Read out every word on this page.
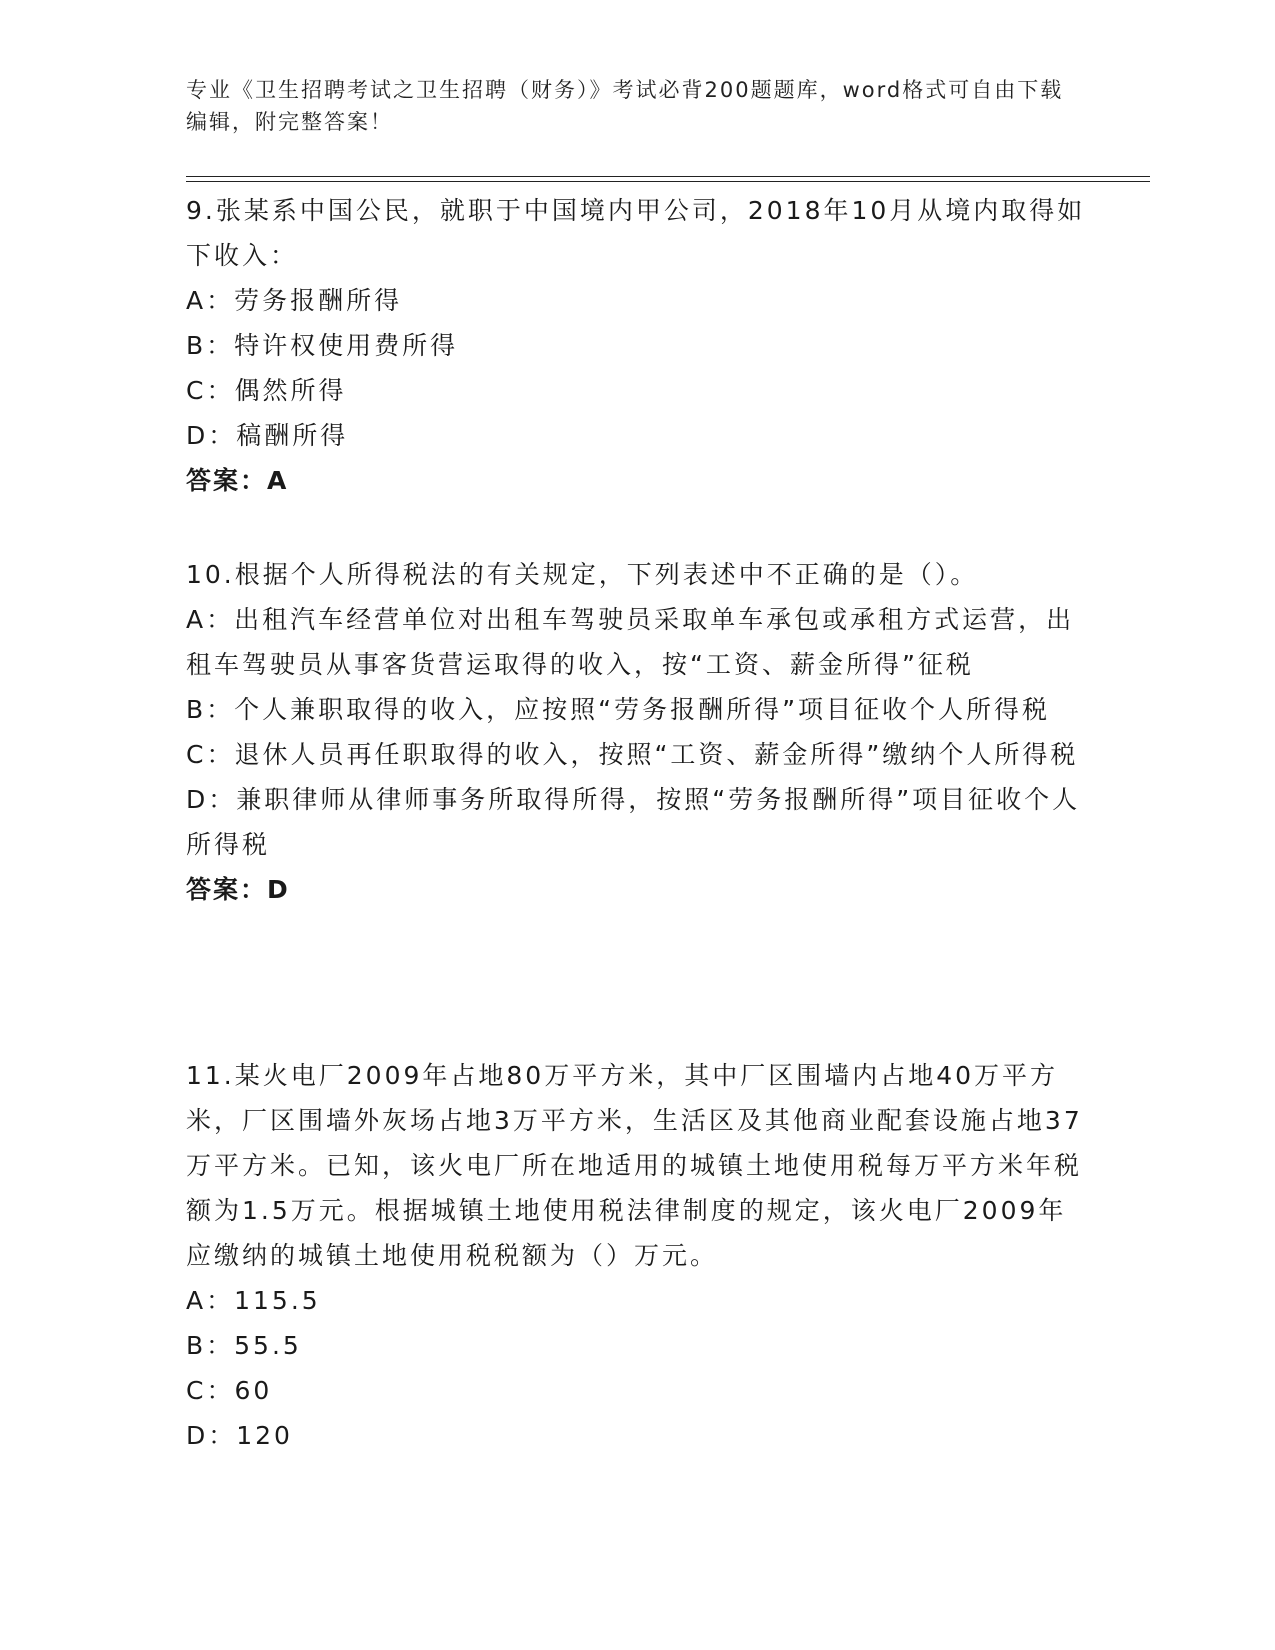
专业《卫生招聘考试之卫生招聘（财务）》考试必背200题题库，word格式可自由下载编辑，附完整答案！
9.张某系中国公民，就职于中国境内甲公司，2018年10月从境内取得如下收入：
A：劳务报酬所得
B：特许权使用费所得
C：偶然所得
D：稿酬所得
答案：A
10.根据个人所得税法的有关规定，下列表述中不正确的是（）。
A：出租汽车经营单位对出租车驾驶员采取单车承包或承租方式运营，出租车驾驶员从事客货营运取得的收入，按“工资、薪金所得”征税
B：个人兼职取得的收入，应按照“劳务报酬所得”项目征收个人所得税
C：退休人员再任职取得的收入，按照“工资、薪金所得”缴纳个人所得税
D：兼职律师从律师事务所取得所得，按照“劳务报酬所得”项目征收个人所得税
答案：D
11.某火电厂2009年占地80万平方米，其中厂区围墙内占地40万平方米，厂区围墙外灰场占地3万平方米，生活区及其他商业配套设施占地37万平方米。已知，该火电厂所在地适用的城镇土地使用税每万平方米年税额为1.5万元。根据城镇土地使用税法律制度的规定，该火电厂2009年应缴纳的城镇土地使用税税额为（）万元。
A：115.5
B：55.5
C：60
D：120
